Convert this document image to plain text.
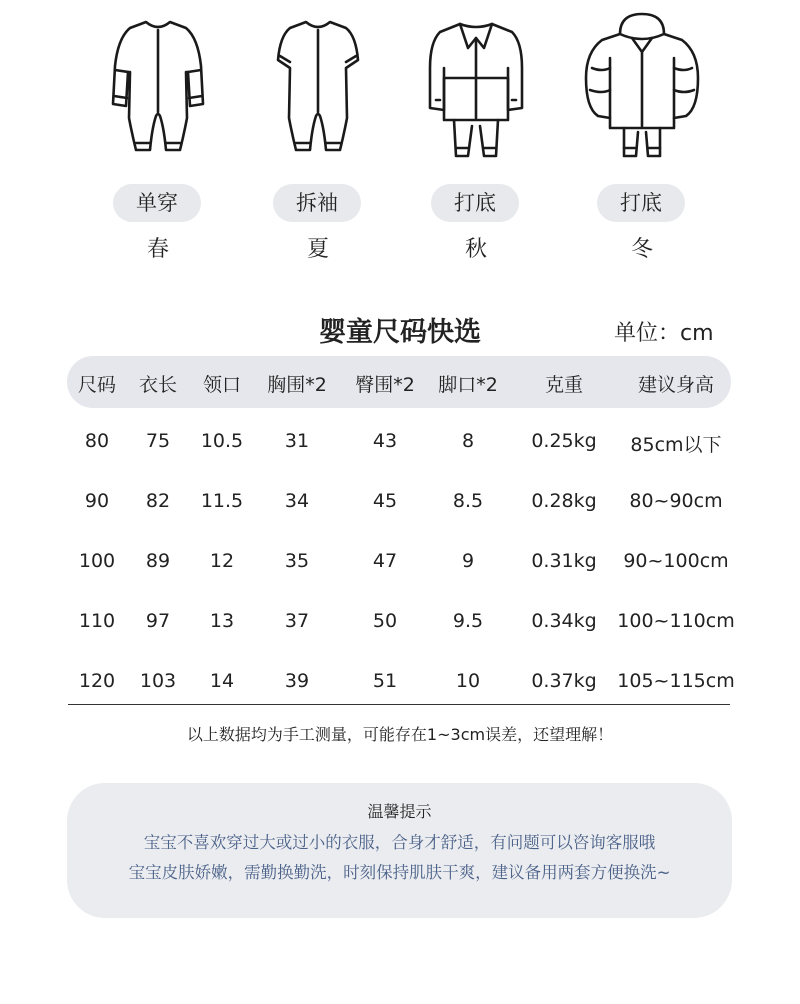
单穿
春
拆袖
夏
打底
秋
打底
冬
婴童尺码快选	单位：cm
尺码	衣长	领口	胸围*2	臀围*2	脚口*2	克重	建议身高
80	75	10.5	31	43	8	0.25kg	85cm以下
90	82	11.5	34	45	8.5	0.28kg	80~90cm
100	89	12	35	47	9	0.31kg	90~100cm
110	97	13	37	50	9.5	0.34kg	100~110cm
120	103	14	39	51	10	0.37kg	105~115cm
以上数据均为手工测量，可能存在1~3cm误差，还望理解！
温馨提示
宝宝不喜欢穿过大或过小的衣服，合身才舒适，有问题可以咨询客服哦
宝宝皮肤娇嫩，需勤换勤洗，时刻保持肌肤干爽，建议备用两套方便换洗~
